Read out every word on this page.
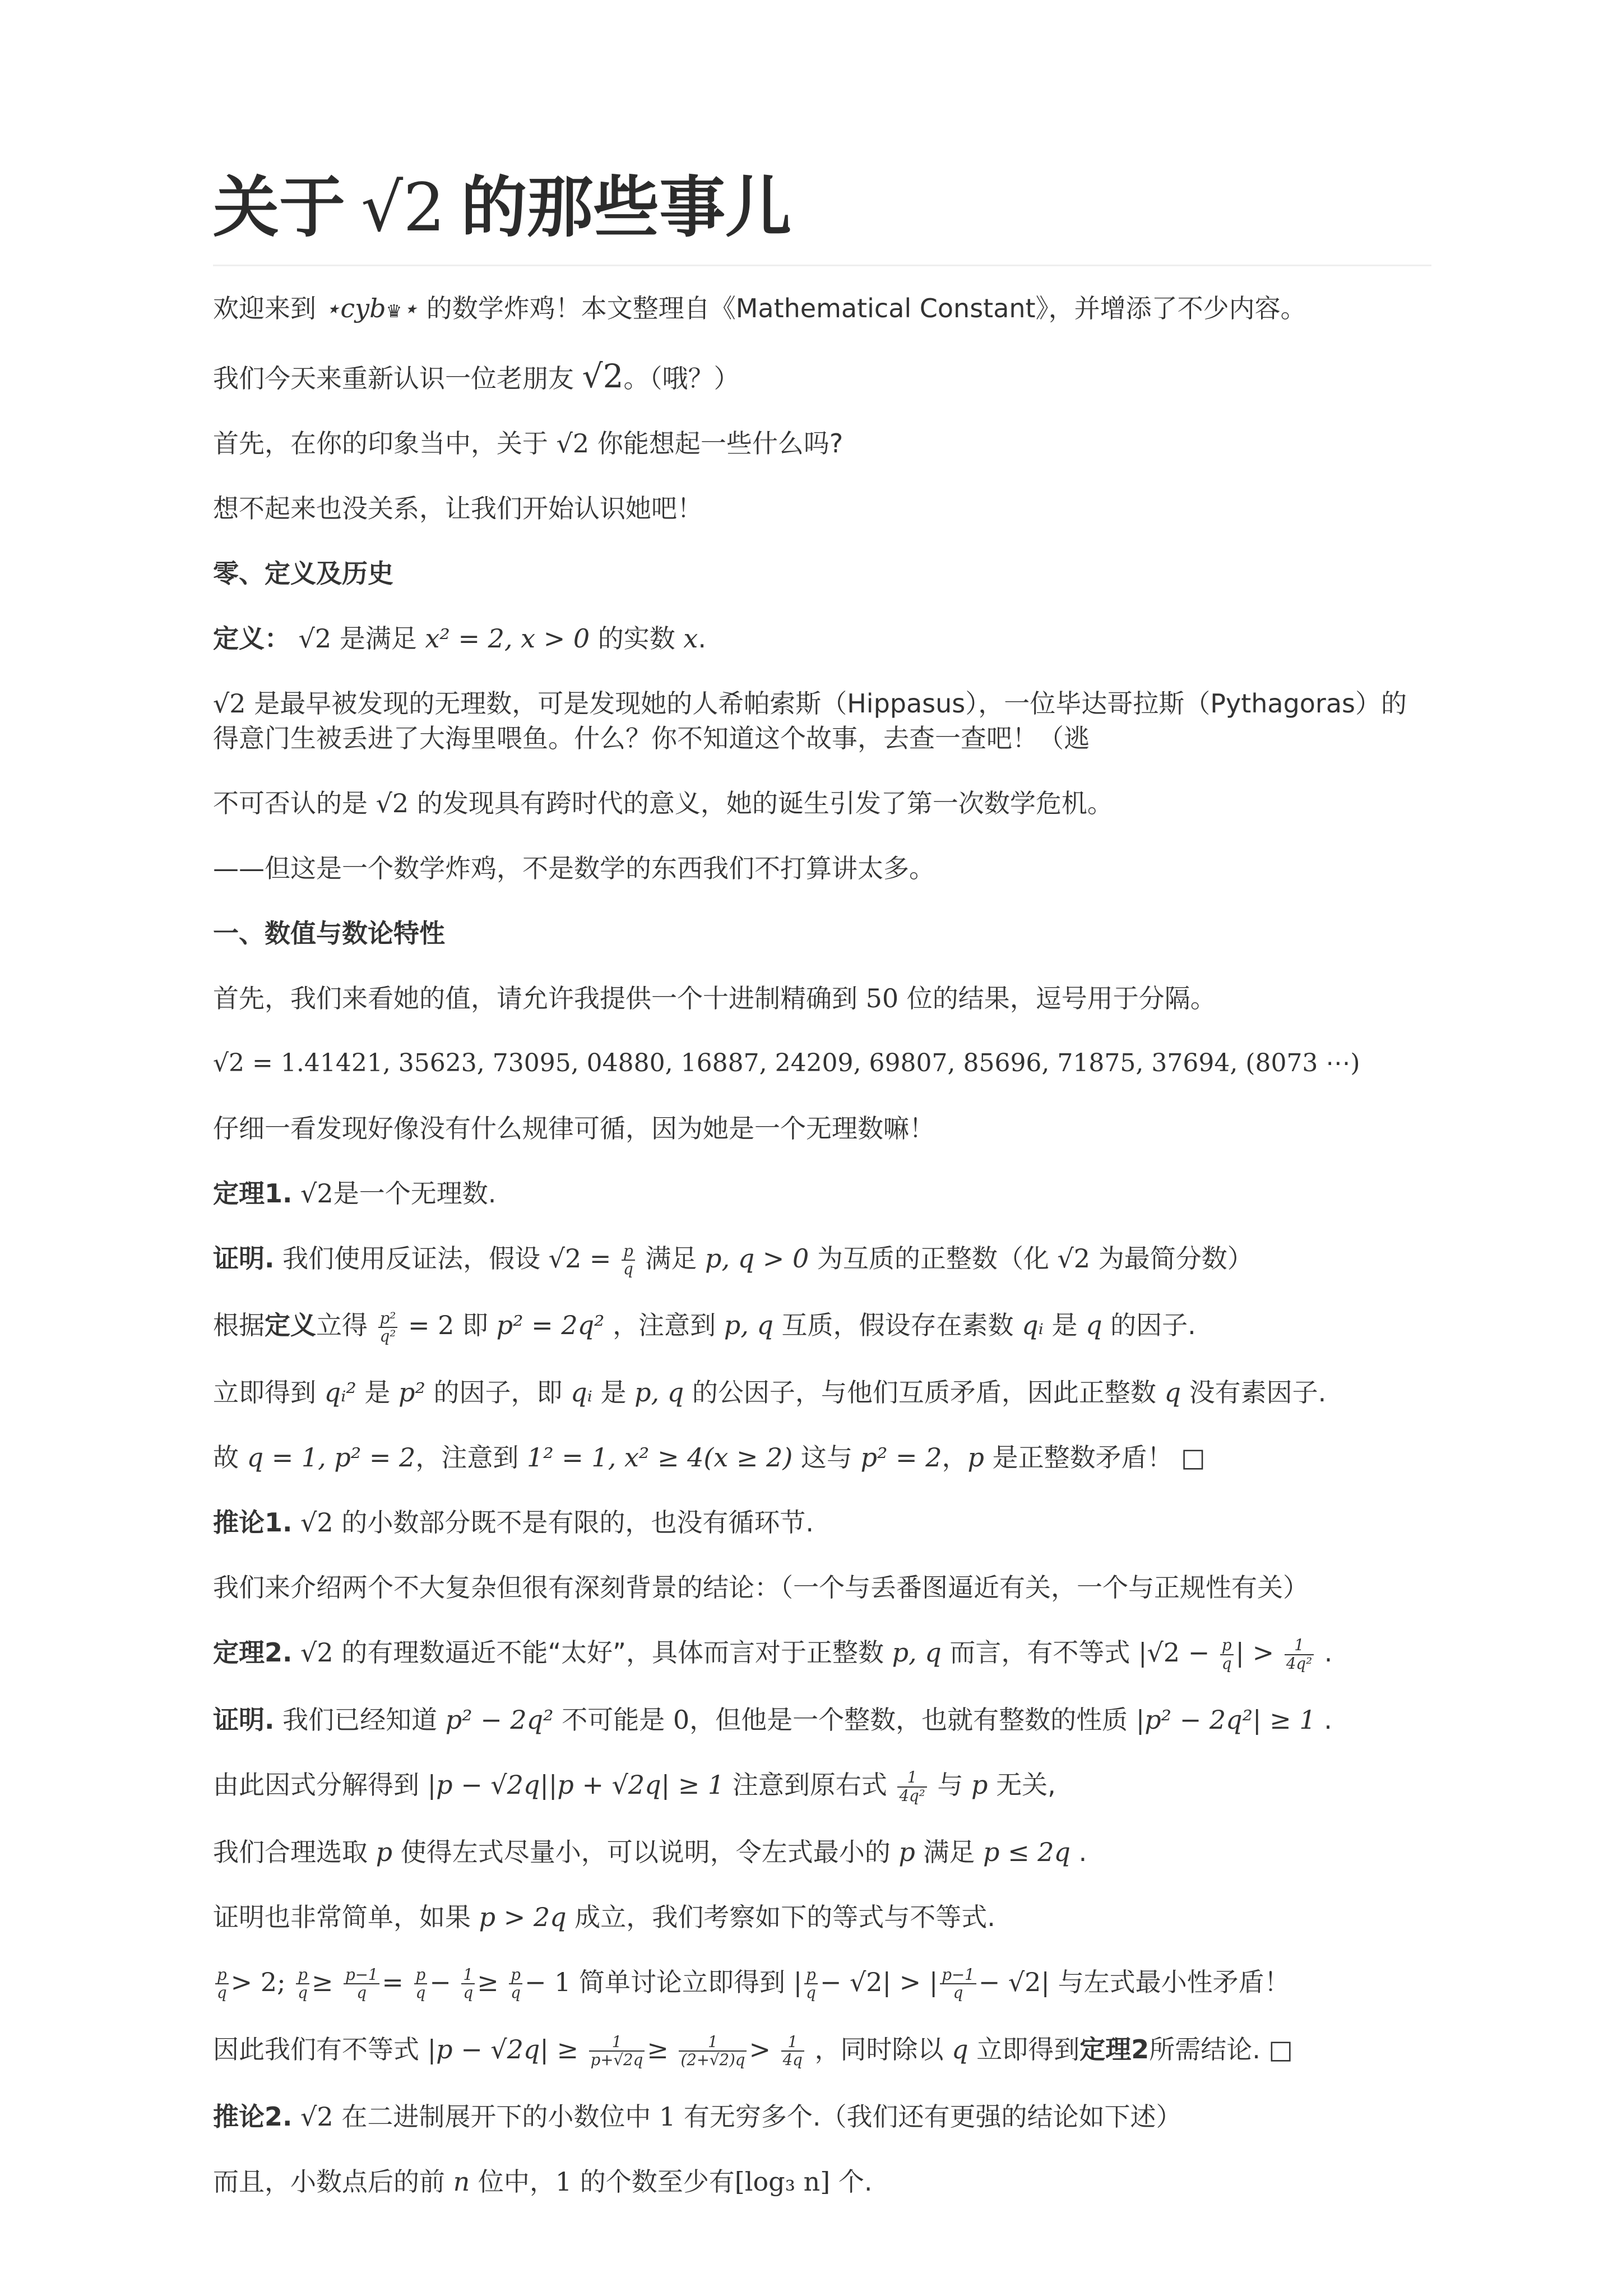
关于 √2 的那些事儿

欢迎来到 ⋆cyb♛⋆ 的数学炸鸡！本文整理自《Mathematical Constant》，并增添了不少内容。

我们今天来重新认识一位老朋友 √2。（哦？）

首先，在你的印象当中，关于 √2 你能想起一些什么吗?

想不起来也没关系，让我们开始认识她吧！

零、定义及历史

定义： √2 是满足 x² = 2, x > 0 的实数 x.

√2 是最早被发现的无理数，可是发现她的人希帕索斯（Hippasus），一位毕达哥拉斯（Pythagoras）的得意门生被丢进了大海里喂鱼。什么？你不知道这个故事，去查一查吧！（逃

不可否认的是 √2 的发现具有跨时代的意义，她的诞生引发了第一次数学危机。

——但这是一个数学炸鸡，不是数学的东西我们不打算讲太多。

一、数值与数论特性

首先，我们来看她的值，请允许我提供一个十进制精确到 50 位的结果，逗号用于分隔。

√2 = 1.41421, 35623, 73095, 04880, 16887, 24209, 69807, 85696, 71875, 37694, (8073 ⋯)

仔细一看发现好像没有什么规律可循，因为她是一个无理数嘛！

定理1. √2是一个无理数.

证明. 我们使用反证法，假设 $√2 = \frac{p}{q}$ 满足 p, q > 0 为互质的正整数（化 √2 为最简分数）

根据定义立得 $\frac{\text{p²}}{\text{q²}} = 2$ 即 p² = 2q² ，注意到 p, q 互质，假设存在素数 qᵢ 是 q 的因子.

立即得到 qᵢ² 是 p² 的因子，即 qᵢ 是 p, q 的公因子，与他们互质矛盾，因此正整数 q 没有素因子.

故 q = 1, p² = 2，注意到 1² = 1, x² ≥ 4(x ≥ 2) 这与 p² = 2，p 是正整数矛盾！ □

推论1. √2 的小数部分既不是有限的，也没有循环节.

我们来介绍两个不大复杂但很有深刻背景的结论：（一个与丢番图逼近有关，一个与正规性有关）

定理2. √2 的有理数逼近不能“太好”，具体而言对于正整数 p, q 而言，有不等式 $|√2 - \frac{p}{q}$ | > $\frac{1}{\text{4q²}}$ .

证明. 我们已经知道 p² − 2q² 不可能是 0，但他是一个整数，也就有整数的性质 |p² − 2q²| ≥ 1 .

由此因式分解得到 |p − √2q||p + √2q| ≥ 1 注意到原右式 $\frac{1}{\text{4q²}}$ 与 p 无关,

我们合理选取 p 使得左式尽量小，可以说明，令左式最小的 p 满足 p ≤ 2q .

证明也非常简单，如果 p > 2q 成立，我们考察如下的等式与不等式.

$\frac{p}{q} > 2$; $\frac{p}{q} \ge \frac{p-1}{q} = \frac{p}{q} - \frac{1}{q} \ge \frac{p}{q} - 1$ 简单讨论立即得到 | $\frac{p}{q} - √2|$ > | $\frac{p-1}{q} - √2|$ 与左式最小性矛盾！

因此我们有不等式 $|p - √2q| \ge \frac{1}{p+√2q} \ge \frac{1}{(2+√2)q} > \frac{1}{4q}$ ，同时除以 q 立即得到定理2所需结论. □

推论2. √2 在二进制展开下的小数位中 1 有无穷多个.（我们还有更强的结论如下述）

而且，小数点后的前 n 位中，1 的个数至少有[log₃ n] 个.
